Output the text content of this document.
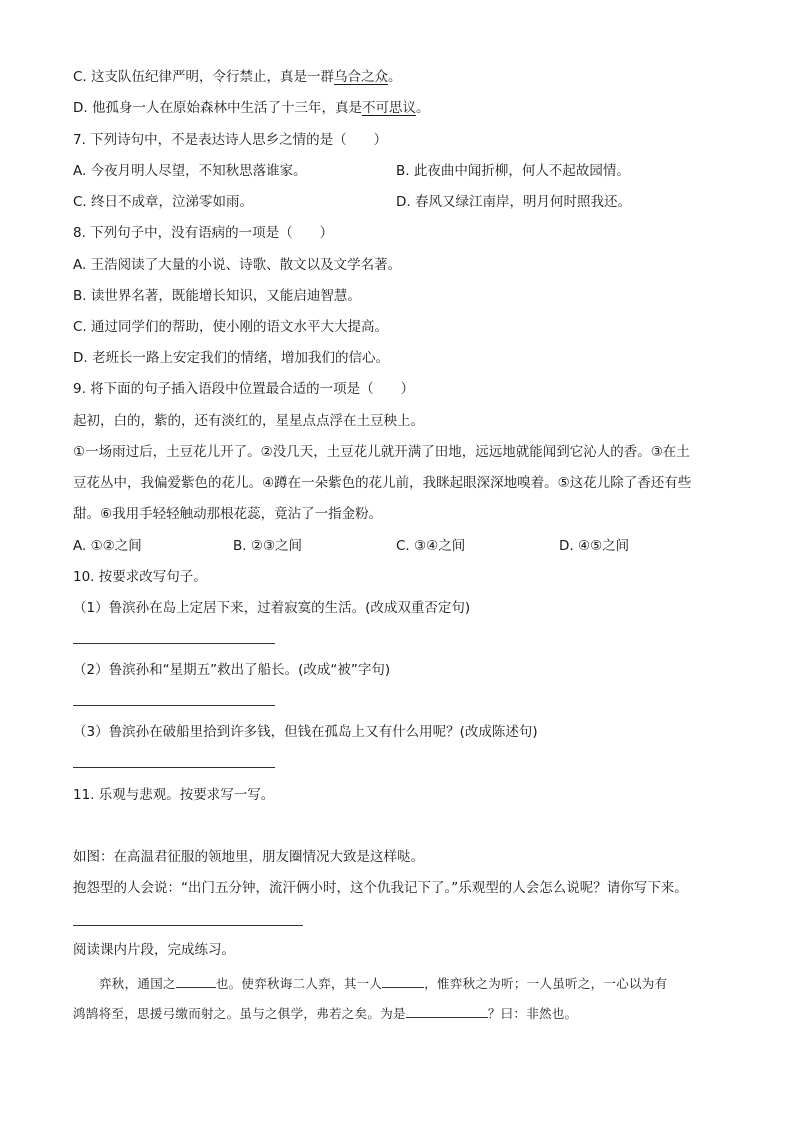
C. 这支队伍纪律严明，令行禁止，真是一群乌合之众。
D. 他孤身一人在原始森林中生活了十三年，真是不可思议。
7. 下列诗句中，不是表达诗人思乡之情的是（　　）
A. 今夜月明人尽望，不知秋思落谁家。	B. 此夜曲中闻折柳，何人不起故园情。
C. 终日不成章，泣涕零如雨。	D. 春风又绿江南岸，明月何时照我还。
8. 下列句子中，没有语病的一项是（　　）
A. 王浩阅读了大量的小说、诗歌、散文以及文学名著。
B. 读世界名著，既能增长知识，又能启迪智慧。
C. 通过同学们的帮助，使小刚的语文水平大大提高。
D. 老班长一路上安定我们的情绪，增加我们的信心。
9. 将下面的句子插入语段中位置最合适的一项是（　　）
起初，白的，紫的，还有淡红的，星星点点浮在土豆秧上。
①一场雨过后，土豆花儿开了。②没几天，土豆花儿就开满了田地，远远地就能闻到它沁人的香。③在土
豆花丛中，我偏爱紫色的花儿。④蹲在一朵紫色的花儿前，我眯起眼深深地嗅着。⑤这花儿除了香还有些
甜。⑥我用手轻轻触动那根花蕊，竟沾了一指金粉。
A. ①②之间	B. ②③之间	C. ③④之间	D. ④⑤之间
10. 按要求改写句子。
（1）鲁滨孙在岛上定居下来，过着寂寞的生活。(改成双重否定句)
（2）鲁滨孙和“星期五”救出了船长。(改成“被”字句)
（3）鲁滨孙在破船里拾到许多钱，但钱在孤岛上又有什么用呢？(改成陈述句)
11. 乐观与悲观。按要求写一写。
如图：在高温君征服的领地里，朋友圈情况大致是这样哒。
抱怨型的人会说：“出门五分钟，流汗俩小时，这个仇我记下了。”乐观型的人会怎么说呢？请你写下来。
阅读课内片段，完成练习。
弈秋，通国之	也。使弈秋诲二人弈，其一人	，惟弈秋之为听；一人虽听之，一心以为有
鸿鹄将至，思援弓缴而射之。虽与之俱学，弗若之矣。为是	？曰：非然也。
